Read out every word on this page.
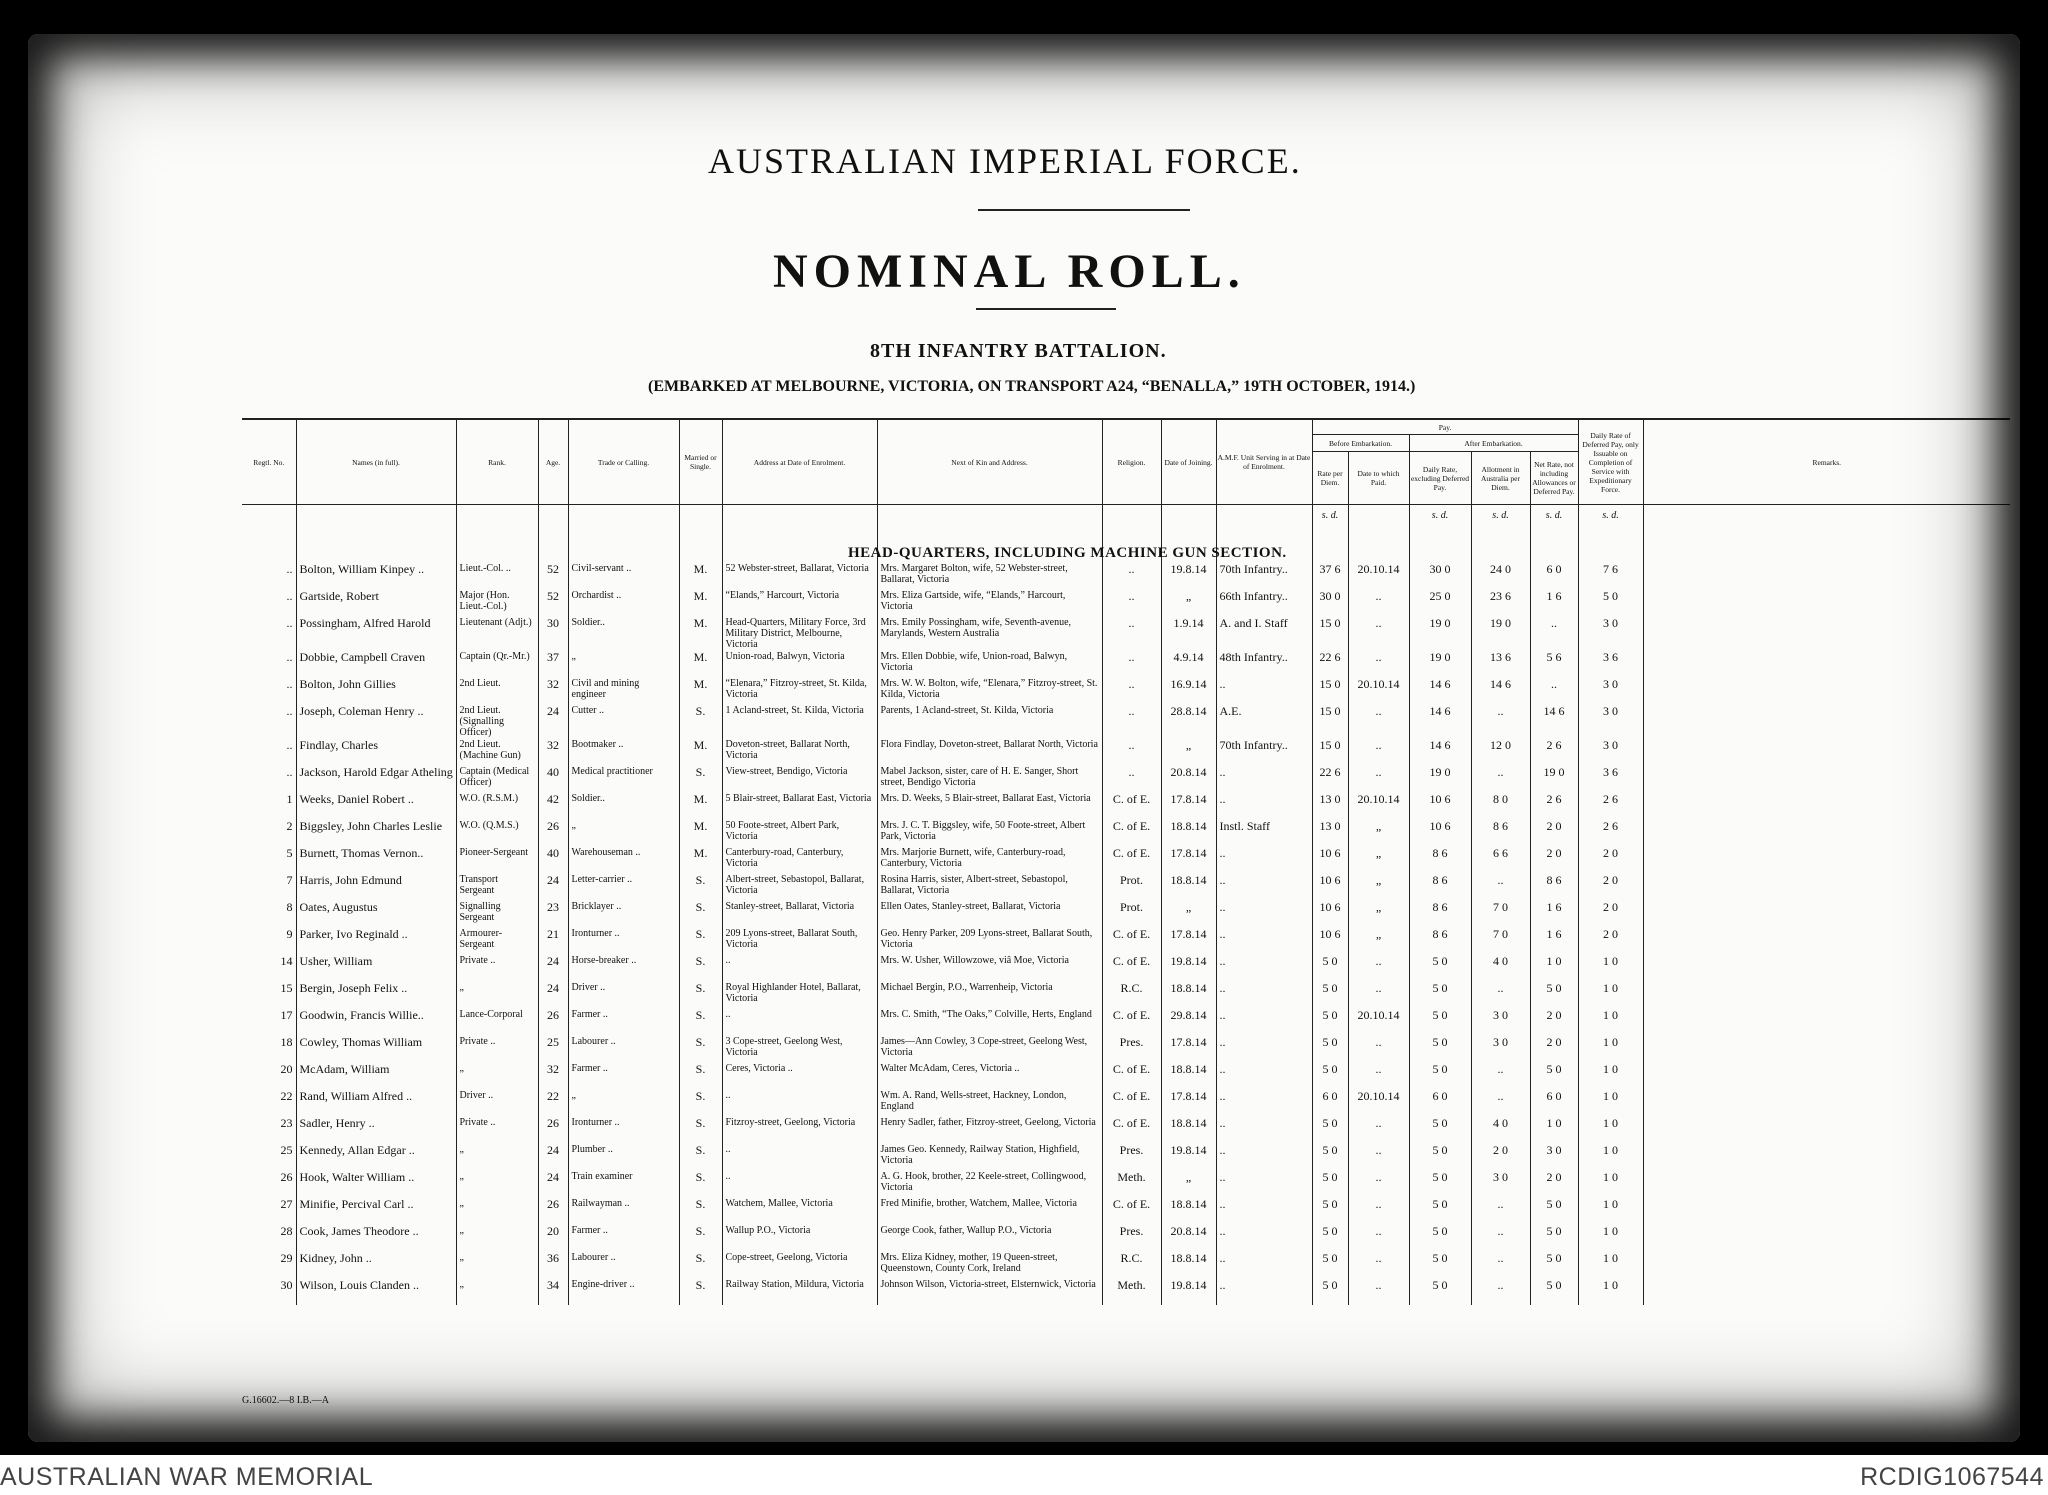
AUSTRALIAN IMPERIAL FORCE.
NOMINAL ROLL.
8TH INFANTRY BATTALION.
(EMBARKED AT MELBOURNE, VICTORIA, ON TRANSPORT A24, “BENALLA,” 19TH OCTOBER, 1914.)
Regtl. No.	Names (in full).	Rank.	Age.	Trade or Calling.	Married or Single.	Address at Date of Enrolment.	Next of Kin and Address.	Religion.	Date of Joining.	A.M.F. Unit Serving in at Date of Enrolment.	Pay.					Daily Rate of Deferred Pay, only Issuable on Completion of Service with Expeditionary Force.	Remarks.
											Before Embarkation.		After Embarkation.				
											Rate per Diem.	Date to which Paid.	Daily Rate, excluding Deferred Pay.	Allotment in Australia per Diem.	Net Rate, not including Allowances or Deferred Pay.		
											s. d.		s. d.	s. d.	s. d.	s. d.	

..	Bolton, William Kinpey ..	Lieut.-Col. ..	52	Civil-servant ..	M.	52 Webster-street, Ballarat, Victoria	Mrs. Margaret Bolton, wife, 52 Webster-street, Ballarat, Victoria	..	19.8.14	70th Infantry..	37 6	20.10.14	30 0	24 0	6 0	7 6	
..	Gartside, Robert	Major (Hon. Lieut.-Col.)	52	Orchardist ..	M.	“Elands,” Harcourt, Victoria	Mrs. Eliza Gartside, wife, “Elands,” Harcourt, Victoria	..	„	66th Infantry..	30 0	..	25 0	23 6	1 6	5 0	
..	Possingham, Alfred Harold	Lieutenant (Adjt.)	30	Soldier..	M.	Head-Quarters, Military Force, 3rd Military District, Melbourne, Victoria	Mrs. Emily Possingham, wife, Seventh-avenue, Marylands, Western Australia	..	1.9.14	A. and I. Staff	15 0	..	19 0	19 0	..	3 0	
..	Dobbie, Campbell Craven	Captain (Qr.-Mr.)	37	„	M.	Union-road, Balwyn, Victoria	Mrs. Ellen Dobbie, wife, Union-road, Balwyn, Victoria	..	4.9.14	48th Infantry..	22 6	..	19 0	13 6	5 6	3 6	
..	Bolton, John Gillies	2nd Lieut.	32	Civil and mining engineer	M.	“Elenara,” Fitzroy-street, St. Kilda, Victoria	Mrs. W. W. Bolton, wife, “Elenara,” Fitzroy-street, St. Kilda, Victoria	..	16.9.14	..	15 0	20.10.14	14 6	14 6	..	3 0	
..	Joseph, Coleman Henry ..	2nd Lieut. (Signalling Officer)	24	Cutter ..	S.	1 Acland-street, St. Kilda, Victoria	Parents, 1 Acland-street, St. Kilda, Victoria	..	28.8.14	A.E.	15 0	..	14 6	..	14 6	3 0	
..	Findlay, Charles	2nd Lieut. (Machine Gun)	32	Bootmaker ..	M.	Doveton-street, Ballarat North, Victoria	Flora Findlay, Doveton-street, Ballarat North, Victoria	..	„	70th Infantry..	15 0	..	14 6	12 0	2 6	3 0	
..	Jackson, Harold Edgar Atheling	Captain (Medical Officer)	40	Medical practitioner	S.	View-street, Bendigo, Victoria	Mabel Jackson, sister, care of H. E. Sanger, Short street, Bendigo Victoria	..	20.8.14	..	22 6	..	19 0	..	19 0	3 6	
1	Weeks, Daniel Robert ..	W.O. (R.S.M.)	42	Soldier..	M.	5 Blair-street, Ballarat East, Victoria	Mrs. D. Weeks, 5 Blair-street, Ballarat East, Victoria	C. of E.	17.8.14	..	13 0	20.10.14	10 6	8 0	2 6	2 6	
2	Biggsley, John Charles Leslie	W.O. (Q.M.S.)	26	„	M.	50 Foote-street, Albert Park, Victoria	Mrs. J. C. T. Biggsley, wife, 50 Foote-street, Albert Park, Victoria	C. of E.	18.8.14	Instl. Staff	13 0	„	10 6	8 6	2 0	2 6	
5	Burnett, Thomas Vernon..	Pioneer-Sergeant	40	Warehouseman ..	M.	Canterbury-road, Canterbury, Victoria	Mrs. Marjorie Burnett, wife, Canterbury-road, Canterbury, Victoria	C. of E.	17.8.14	..	10 6	„	8 6	6 6	2 0	2 0	
7	Harris, John Edmund	Transport Sergeant	24	Letter-carrier ..	S.	Albert-street, Sebastopol, Ballarat, Victoria	Rosina Harris, sister, Albert-street, Sebastopol, Ballarat, Victoria	Prot.	18.8.14	..	10 6	„	8 6	..	8 6	2 0	
8	Oates, Augustus	Signalling Sergeant	23	Bricklayer ..	S.	Stanley-street, Ballarat, Victoria	Ellen Oates, Stanley-street, Ballarat, Victoria	Prot.	„	..	10 6	„	8 6	7 0	1 6	2 0	
9	Parker, Ivo Reginald ..	Armourer-Sergeant	21	Ironturner ..	S.	209 Lyons-street, Ballarat South, Victoria	Geo. Henry Parker, 209 Lyons-street, Ballarat South, Victoria	C. of E.	17.8.14	..	10 6	„	8 6	7 0	1 6	2 0	
14	Usher, William	Private ..	24	Horse-breaker ..	S.	..	Mrs. W. Usher, Willowzowe, viâ Moe, Victoria	C. of E.	19.8.14	..	5 0	..	5 0	4 0	1 0	1 0	
15	Bergin, Joseph Felix ..	„	24	Driver ..	S.	Royal Highlander Hotel, Ballarat, Victoria	Michael Bergin, P.O., Warrenheip, Victoria	R.C.	18.8.14	..	5 0	..	5 0	..	5 0	1 0	
17	Goodwin, Francis Willie..	Lance-Corporal	26	Farmer ..	S.	..	Mrs. C. Smith, “The Oaks,” Colville, Herts, England	C. of E.	29.8.14	..	5 0	20.10.14	5 0	3 0	2 0	1 0	
18	Cowley, Thomas William	Private ..	25	Labourer ..	S.	3 Cope-street, Geelong West, Victoria	James—Ann Cowley, 3 Cope-street, Geelong West, Victoria	Pres.	17.8.14	..	5 0	..	5 0	3 0	2 0	1 0	
20	McAdam, William	„	32	Farmer ..	S.	Ceres, Victoria ..	Walter McAdam, Ceres, Victoria ..	C. of E.	18.8.14	..	5 0	..	5 0	..	5 0	1 0	
22	Rand, William Alfred ..	Driver ..	22	„	S.	..	Wm. A. Rand, Wells-street, Hackney, London, England	C. of E.	17.8.14	..	6 0	20.10.14	6 0	..	6 0	1 0	
23	Sadler, Henry ..	Private ..	26	Ironturner ..	S.	Fitzroy-street, Geelong, Victoria	Henry Sadler, father, Fitzroy-street, Geelong, Victoria	C. of E.	18.8.14	..	5 0	..	5 0	4 0	1 0	1 0	
25	Kennedy, Allan Edgar ..	„	24	Plumber ..	S.	..	James Geo. Kennedy, Railway Station, Highfield, Victoria	Pres.	19.8.14	..	5 0	..	5 0	2 0	3 0	1 0	
26	Hook, Walter William ..	„	24	Train examiner	S.	..	A. G. Hook, brother, 22 Keele-street, Collingwood, Victoria	Meth.	„	..	5 0	..	5 0	3 0	2 0	1 0	
27	Minifie, Percival Carl ..	„	26	Railwayman ..	S.	Watchem, Mallee, Victoria	Fred Minifie, brother, Watchem, Mallee, Victoria	C. of E.	18.8.14	..	5 0	..	5 0	..	5 0	1 0	
28	Cook, James Theodore ..	„	20	Farmer ..	S.	Wallup P.O., Victoria	George Cook, father, Wallup P.O., Victoria	Pres.	20.8.14	..	5 0	..	5 0	..	5 0	1 0	
29	Kidney, John ..	„	36	Labourer ..	S.	Cope-street, Geelong, Victoria	Mrs. Eliza Kidney, mother, 19 Queen-street, Queenstown, County Cork, Ireland	R.C.	18.8.14	..	5 0	..	5 0	..	5 0	1 0	
30	Wilson, Louis Clanden ..	„	34	Engine-driver ..	S.	Railway Station, Mildura, Victoria	Johnson Wilson, Victoria-street, Elsternwick, Victoria	Meth.	19.8.14	..	5 0	..	5 0	..	5 0	1 0	
HEAD-QUARTERS, INCLUDING MACHINE GUN SECTION.
G.16602.—8 I.B.—A
AUSTRALIAN WAR MEMORIAL	RCDIG1067544
